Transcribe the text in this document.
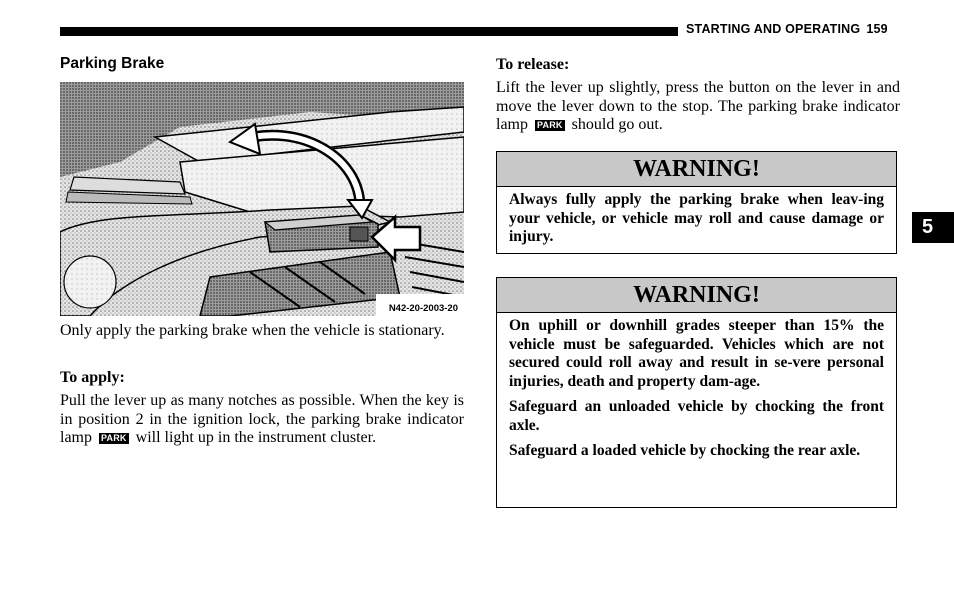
STARTING AND OPERATING 159
Parking Brake
N42-20-2003-20
Only apply the parking brake when the vehicle is stationary.
To apply:
Pull the lever up as many notches as possible. When the key is in position 2 in the ignition lock, the parking brake indicator lamp PARK will light up in the instrument cluster.
To release:
Lift the lever up slightly, press the button on the lever in and move the lever down to the stop. The parking brake indicator lamp PARK should go out.
WARNING!

Always fully apply the parking brake when leav-ing your vehicle, or vehicle may roll and cause damage or injury.

WARNING!

On uphill or downhill grades steeper than 15% the vehicle must be safeguarded. Vehicles which are not secured could roll away and result in se-vere personal injuries, death and property dam-age.

Safeguard an unloaded vehicle by chocking the front axle.

Safeguard a loaded vehicle by chocking the rear axle.

5
